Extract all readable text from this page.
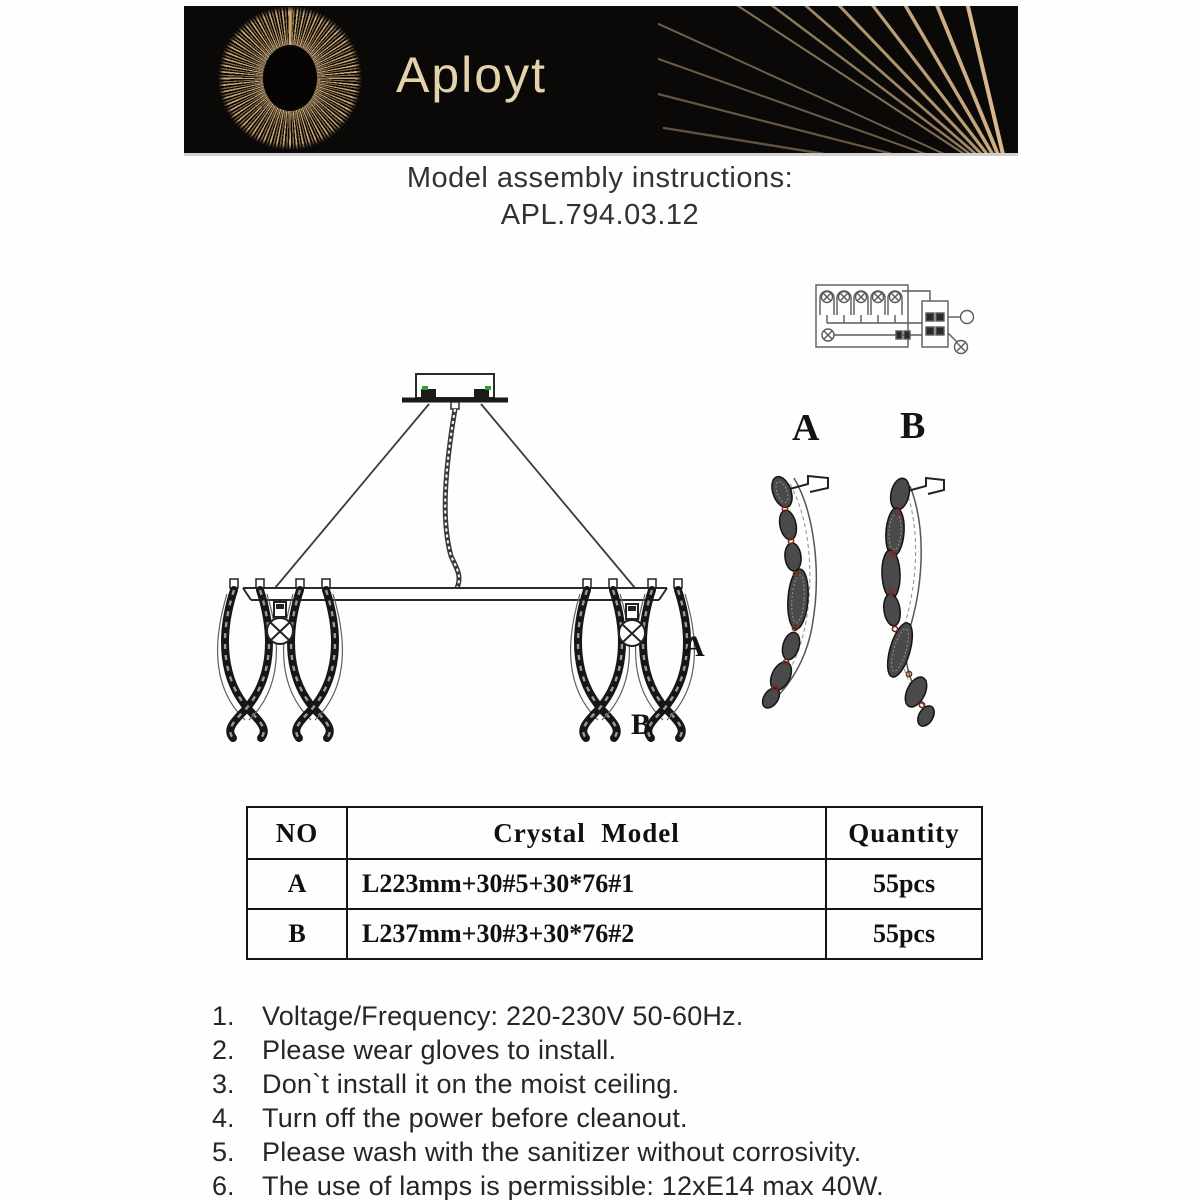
Aployt
Model assembly instructions:
APL.794.03.12
A
B
A B
NO	Crystal  Model	Quantity
A	L223mm+30#5+30*76#1	55pcs
B	L237mm+30#3+30*76#2	55pcs
1.	Voltage/Frequency: 220-230V 50-60Hz.
2.	Please wear gloves to install.
3.	Don`t install it on the moist ceiling.
4.	Turn off the power before cleanout.
5.	Please wash with the sanitizer without corrosivity.
6.	The use of lamps is permissible: 12xE14 max 40W.
